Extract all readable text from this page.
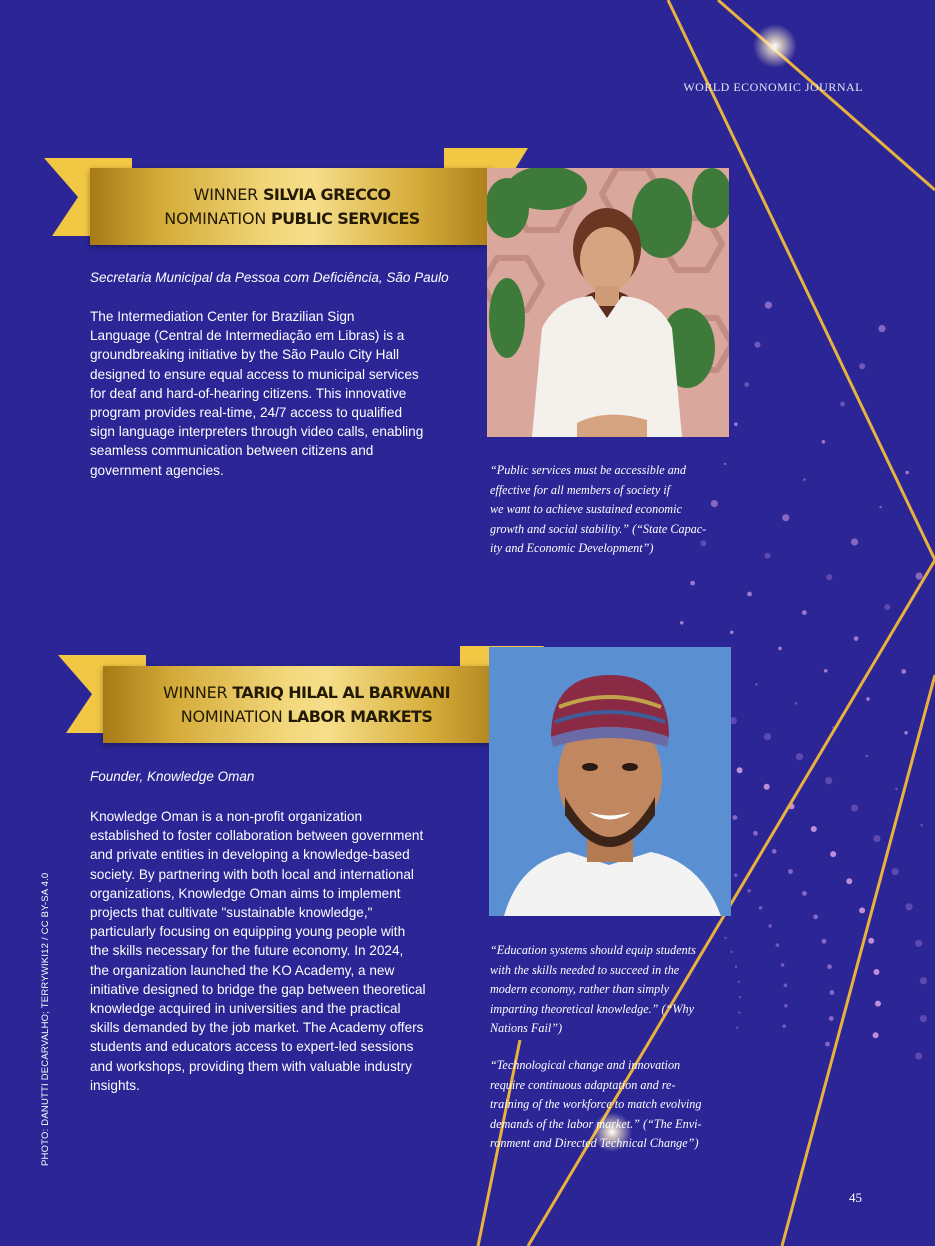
WORLD ECONOMIC JOURNAL
WINNER SILVIA GRECCO
NOMINATION PUBLIC SERVICES
Secretaria Municipal da Pessoa com Deficiência, São Paulo
The Intermediation Center for Brazilian Sign
Language (Central de Intermediação em Libras) is a
groundbreaking initiative by the São Paulo City Hall
designed to ensure equal access to municipal services
for deaf and hard-of-hearing citizens. This innovative
program provides real-time, 24/7 access to qualified
sign language interpreters through video calls, enabling
seamless communication between citizens and
government agencies.	“Public services must be accessible and
effective for all members of society if
we want to achieve sustained economic
growth and social stability.” (“State Capac-
ity and Economic Development”)
WINNER TARIQ HILAL AL BARWANI
NOMINATION LABOR MARKETS
Founder, Knowledge Oman
Knowledge Oman is a non-profit organization
established to foster collaboration between government
and private entities in developing a knowledge-based
society. By partnering with both local and international
organizations, Knowledge Oman aims to implement
projects that cultivate "sustainable knowledge,"
particularly focusing on equipping young people with
the skills necessary for the future economy. In 2024,
the organization launched the KO Academy, a new
initiative designed to bridge the gap between theoretical
knowledge acquired in universities and the practical
skills demanded by the job market. The Academy offers
students and educators access to expert-led sessions
and workshops, providing them with valuable industry
insights.
“Education systems should equip students
with the skills needed to succeed in the
modern economy, rather than simply
imparting theoretical knowledge.” (“Why
Nations Fail”)
“Technological change and innovation
require continuous adaptation and re-
training of the workforce to match evolving
demands of the labor market.” (“The Envi-
ronment and Directed Technical Change”)
PHOTO: DANUTTI DECARVALHO; TERRYWIKI12 / CC BY-SA 4.0
45
